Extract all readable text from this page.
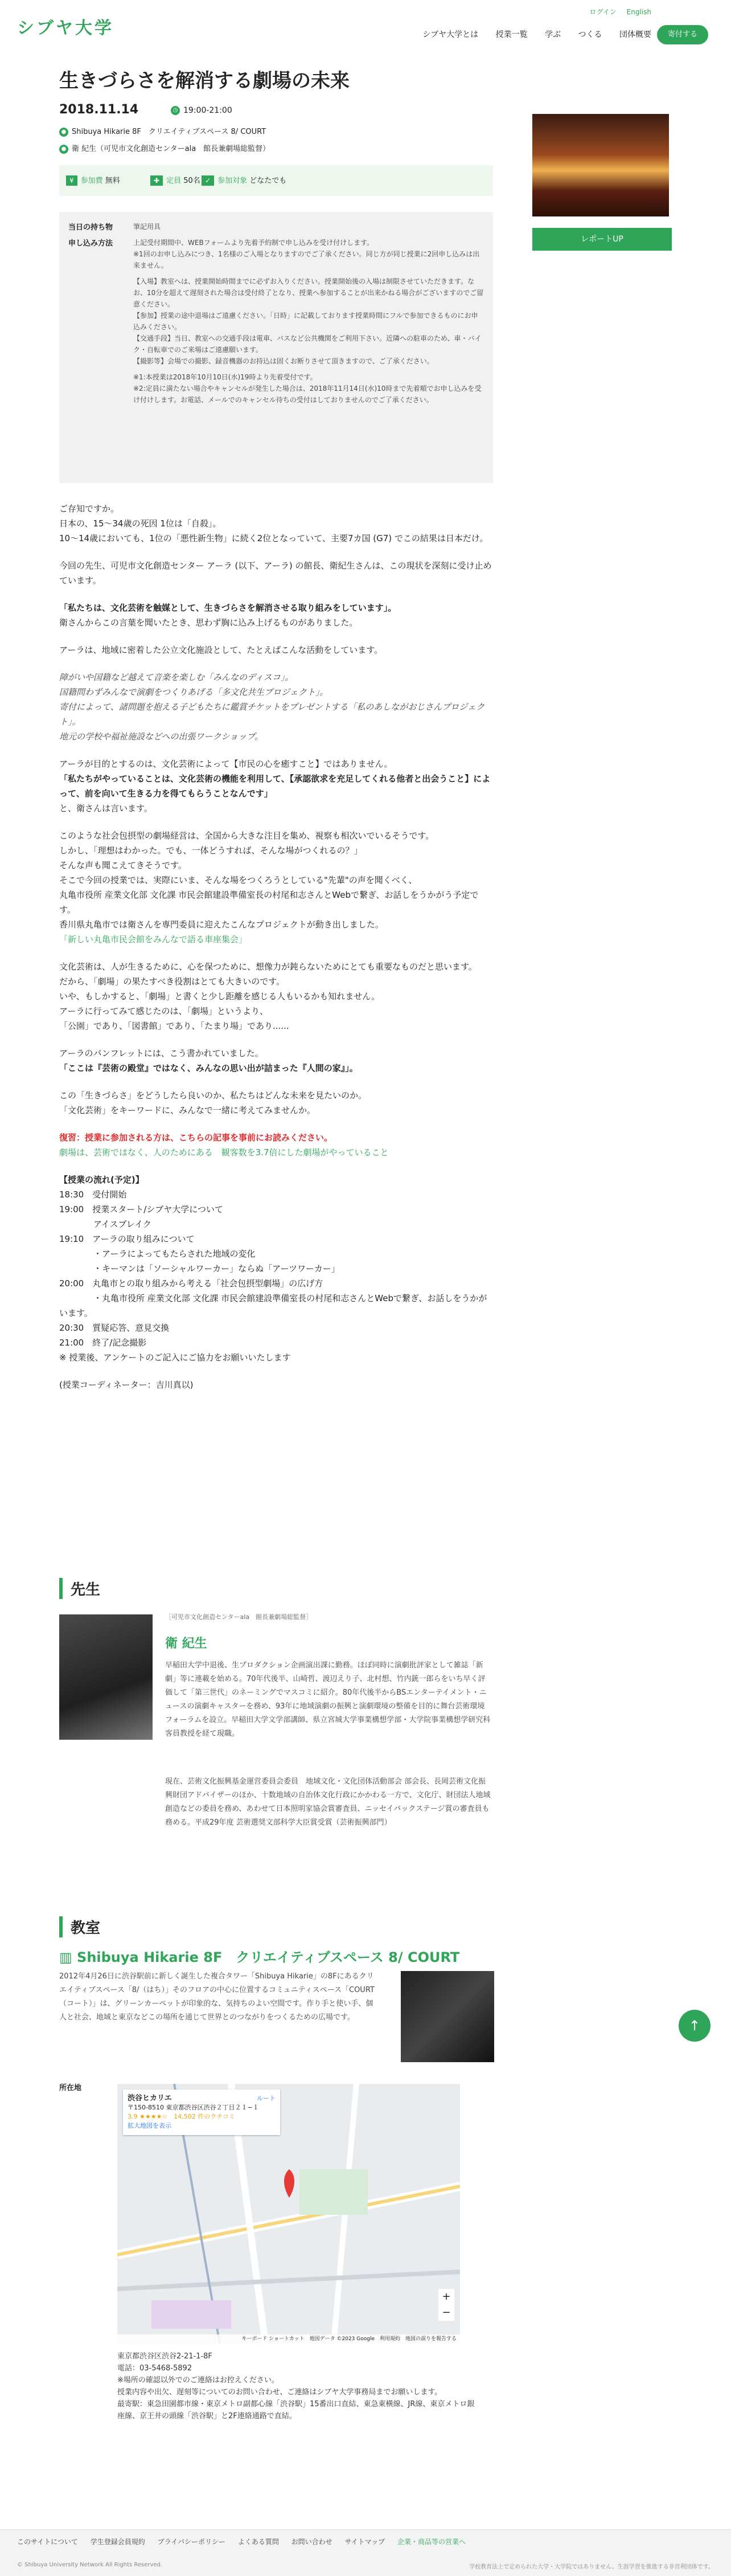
シブヤ大学
ログイン English
シブヤ大学とは 授業一覧 学ぶ つくる 団体概要	寄付する
生きづらさを解消する劇場の未来
2018.11.14	◷ 19:00-21:00
● Shibuya Hikarie 8F　クリエイティブスペース 8/ COURT
● 衛 紀生（可児市文化創造センターala　館長兼劇場総監督）
レポートUP
¥ 参加費 無料	✚ 定員 50名 ✓ 参加対象 どなたでも
当日の持ち物	筆記用具
申し込み方法	上記受付期間中、WEBフォームより先着予約制で申し込みを受け付けします。
※1回のお申し込みにつき、1名様のご入場となりますのでご了承ください。同じ方が同じ授業に2回申し込みは出来ません。
【入場】教室へは、授業開始時間までに必ずお入りください。授業開始後の入場は制限させていただきます。なお、10分を超えて遅刻された場合は受付終了となり、授業へ参加することが出来かねる場合がございますのでご留意ください。
【参加】授業の途中退場はご遠慮ください。「日時」に記載しております授業時間にフルで参加できるものにお申込みください。
【交通手段】当日、教室への交通手段は電車、バスなど公共機関をご利用下さい。近隣への駐車のため、車・バイク・自転車でのご来場はご遠慮願います。
【撮影等】会場での撮影、録音機器のお持込は固くお断りさせて頂きますので、ご了承ください。
※1:本授業は2018年10月10日(水)19時より先着受付です。
※2:定員に満たない場合やキャンセルが発生した場合は、2018年11月14日(水)10時まで先着順でお申し込みを受け付けします。お電話、メールでのキャンセル待ちの受付はしておりませんのでご了承ください。

ご存知ですか。
日本の、15〜34歳の死因 1位は「自殺」。
10〜14歳においても、1位の「悪性新生物」に続く2位となっていて、主要7カ国 (G7) でこの結果は日本だけ。

今回の先生、可児市文化創造センター アーラ (以下、アーラ) の館長、衛紀生さんは、この現状を深刻に受け止めています。

「私たちは、文化芸術を触媒として、生きづらさを解消させる取り組みをしています」。
衛さんからこの言葉を聞いたとき、思わず胸に込み上げるものがありました。

アーラは、地域に密着した公立文化施設として、たとえばこんな活動をしています。

障がいや国籍など越えて音楽を楽しむ「みんなのディスコ」。
国籍問わずみんなで演劇をつくりあげる「多文化共生プロジェクト」。
寄付によって、諸問題を抱える子どもたちに鑑賞チケットをプレゼントする「私のあしながおじさんプロジェクト」。
地元の学校や福祉施設などへの出張ワークショップ。

アーラが目的とするのは、文化芸術によって【市民の心を癒すこと】ではありません。
「私たちがやっていることは、文化芸術の機能を利用して、【承認欲求を充足してくれる他者と出会うこと】によって、前を向いて生きる力を得てもらうことなんです」
と、衛さんは言います。

このような社会包摂型の劇場経営は、全国から大きな注目を集め、視察も相次いでいるそうです。
しかし、「理想はわかった。でも、一体どうすれば、そんな場がつくれるの？」
そんな声も聞こえてきそうです。
そこで今回の授業では、実際にいま、そんな場をつくろうとしている"先輩"の声を聞くべく、
丸亀市役所 産業文化部 文化課 市民会館建設準備室長の村尾和志さんとWebで繋ぎ、お話しをうかがう予定です。
香川県丸亀市では衛さんを専門委員に迎えたこんなプロジェクトが動き出しました。
「新しい丸亀市民会館をみんなで語る車座集会」

文化芸術は、人が生きるために、心を保つために、想像力が鈍らないためにとても重要なものだと思います。
だから、「劇場」の果たすべき役割はとても大きいのです。
いや、もしかすると、「劇場」と書くと少し距離を感じる人もいるかも知れません。
アーラに行ってみて感じたのは、「劇場」というより、
「公園」であり、「図書館」であり、「たまり場」であり......

アーラのパンフレットには、こう書かれていました。
「ここは『芸術の殿堂』ではなく、みんなの思い出が詰まった『人間の家』」。

この「生きづらさ」をどうしたら良いのか、私たちはどんな未来を見たいのか。
「文化芸術」をキーワードに、みんなで一緒に考えてみませんか。

復習：授業に参加される方は、こちらの記事を事前にお読みください。
劇場は、芸術ではなく、人のためにある　観客数を3.7倍にした劇場がやっていること

【授業の流れ(予定)】
18:30　受付開始
19:00　授業スタート/シブヤ大学について
　　　　アイスブレイク
19:10　アーラの取り組みについて
　　　　・アーラによってもたらされた地域の変化
　　　　・キーマンは「ソーシャルワーカー」ならぬ「アーツワーカー」
20:00　丸亀市との取り組みから考える「社会包摂型劇場」の広げ方
　　　　・丸亀市役所 産業文化部 文化課 市民会館建設準備室長の村尾和志さんとWebで繋ぎ、お話しをうかがいます。
20:30　質疑応答、意見交換
21:00　終了/記念撮影
※ 授業後、アンケートのご記入にご協力をお願いいたします

(授業コーディネーター：吉川真以)

先生
［可児市文化創造センターala　館長兼劇場総監督］
衛 紀生
早稲田大学中退後、生プロダクション企画演出課に勤務。ほぼ同時に演劇批評家として雑誌「新劇」等に連載を始める。70年代後半、山崎哲、渡辺えり子、北村想、竹内銃一郎らをいち早く評価して「第三世代」のネーミングでマスコミに紹介。80年代後半からBSエンターテイメント・ニュースの演劇キャスターを務め、93年に地域演劇の振興と演劇環境の整備を目的に舞台芸術環境フォーラムを設立。早稲田大学文学部講師、県立宮城大学事業構想学部・大学院事業構想学研究科客員教授を経て現職。
現在、芸術文化振興基金運営委員会委員　地域文化・文化団体活動部会 部会長、長岡芸術文化振興財団アドバイザーのほか、十数地域の自治体文化行政にかかわる一方で、文化庁、財団法人地域創造などの委員を務め、あわせて日本照明家協会賞審査員、ニッセイバックステージ賞の審査員も務める。平成29年度 芸術選奨文部科学大臣賞受賞（芸術振興部門）
教室
▥ Shibuya Hikarie 8F　クリエイティブスペース 8/ COURT
2012年4月26日に渋谷駅前に新しく誕生した複合タワー「Shibuya Hikarie」の8Fにあるクリエイティブスペース「8/（はち）」そのフロアの中心に位置するコミュニティスペース「COURT（コート）」は、グリーンカーペットが印象的な、気持ちのよい空間です。作り手と使い手、個人と社会、地域と東京などこの場所を通じて世界とのつながりをつくるための広場です。
所在地
渋谷ヒカリエ
〒150-8510 東京都渋谷区渋谷２丁目２１−１
3.9 ★★★★☆　14,502 件のクチコミ
拡大地図を表示
ルート
+
−
キーボード ショートカット　地図データ ©2023 Google　利用規約　地図の誤りを報告する
東京都渋谷区渋谷2-21-1-8F
電話：03-5468-5892
※場所の確認以外でのご連絡はお控えください。
授業内容や出欠、遅刻等についてのお問い合わせ、ご連絡はシブヤ大学事務局までお願いします。
最寄駅：東急田園都市線・東京メトロ副都心線「渋谷駅」15番出口直結、東急東横線、JR線、東京メトロ銀座線、京王井の頭線「渋谷駅」と2F連絡通路で直結。
↑
このサイトについて 学生登録会員規約 プライバシーポリシー よくある質問 お問い合わせ サイトマップ 企業・商品等の営業へ
© Shibuya University Network All Rights Reserved.	学校教育法上で定められた大学・大学院ではありません。生涯学習を推進する非営利団体です。
